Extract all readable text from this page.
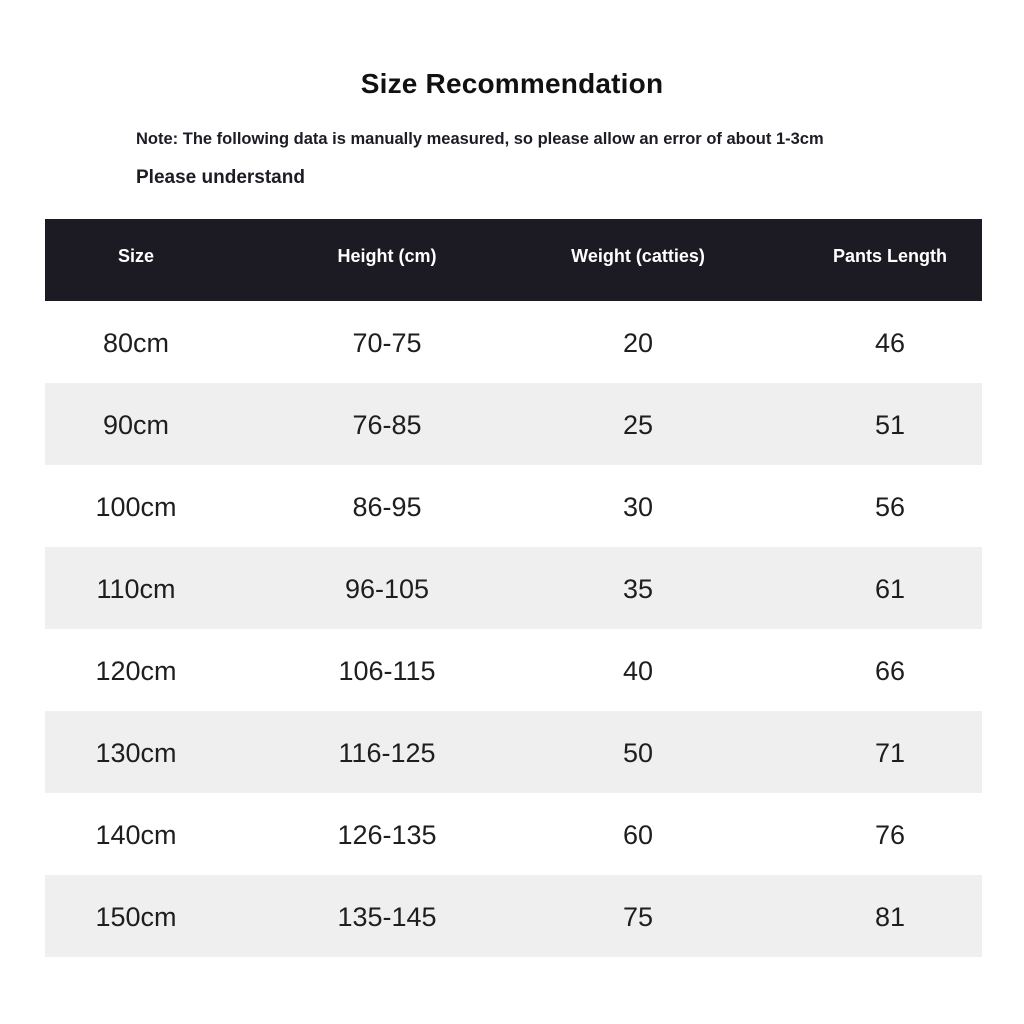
Size Recommendation
Note: The following data is manually measured, so please allow an error of about 1-3cm
Please understand
Size	Height (cm)	Weight (catties)	Pants Length
80cm	70-75	20	46
90cm	76-85	25	51
100cm	86-95	30	56
110cm	96-105	35	61
120cm	106-115	40	66
130cm	116-125	50	71
140cm	126-135	60	76
150cm	135-145	75	81
